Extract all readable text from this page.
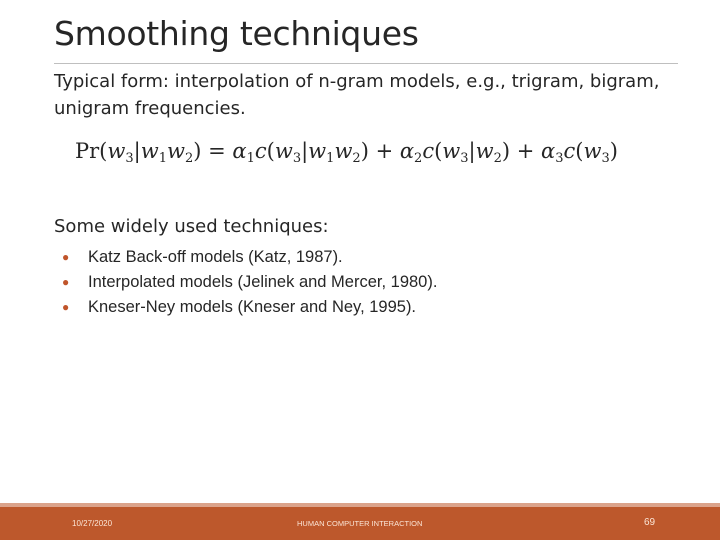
Smoothing techniques

Typical form: interpolation of n-gram models, e.g., trigram, bigram, unigram frequencies.

$Pr(w_3|w_1w_2) = \alpha_1c(w_3|w_1w_2) + \alpha_2c(w_3|w_2) + \alpha_3c(w_3)$

Some widely used techniques:

● Katz Back-off models (Katz, 1987).
● Interpolated models (Jelinek and Mercer, 1980).
● Kneser-Ney models (Kneser and Ney, 1995).
10/27/2020	HUMAN COMPUTER INTERACTION	69
